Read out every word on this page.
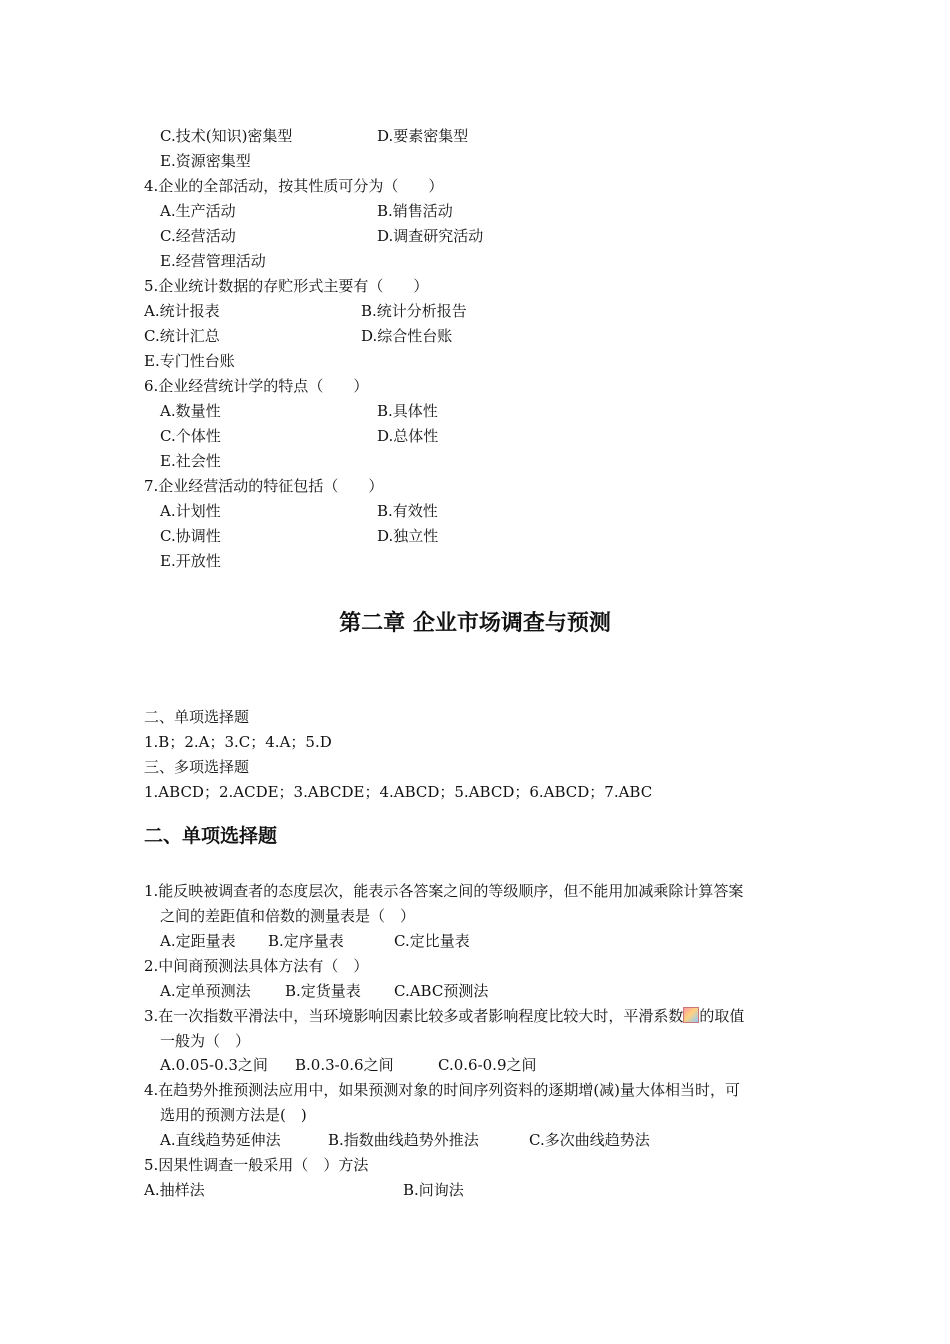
C.技术(知识)密集型	D.要素密集型
E.资源密集型
4.企业的全部活动，按其性质可分为（　　）
A.生产活动	B.销售活动
C.经营活动	D.调查研究活动
E.经营管理活动
5.企业统计数据的存贮形式主要有（　　）
A.统计报表	B.统计分析报告
C.统计汇总	D.综合性台账
E.专门性台账
6.企业经营统计学的特点（　　）
A.数量性	B.具体性
C.个体性	D.总体性
E.社会性
7.企业经营活动的特征包括（　　）
A.计划性	B.有效性
C.协调性	D.独立性
E.开放性
第二章 企业市场调查与预测
二、单项选择题
1.B；2.A；3.C；4.A；5.D
三、多项选择题
1.ABCD；2.ACDE；3.ABCDE；4.ABCD；5.ABCD；6.ABCD；7.ABC
二、单项选择题
1.能反映被调查者的态度层次，能表示各答案之间的等级顺序，但不能用加减乘除计算答案
之间的差距值和倍数的测量表是（　）
A.定距量表 B.定序量表	C.定比量表
2.中间商预测法具体方法有（　）
A.定单预测法 B.定货量表 C.ABC预测法
3.在一次指数平滑法中，当环境影响因素比较多或者影响程度比较大时，平滑系数 的取值
一般为（　）
A.0.05-0.3之间 B.0.3-0.6之间	C.0.6-0.9之间
4.在趋势外推预测法应用中，如果预测对象的时间序列资料的逐期增(减)量大体相当时，可
选用的预测方法是(　)
A.直线趋势延伸法	B.指数曲线趋势外推法	C.多次曲线趋势法
5.因果性调查一般采用（　）方法
A.抽样法	B.问询法
